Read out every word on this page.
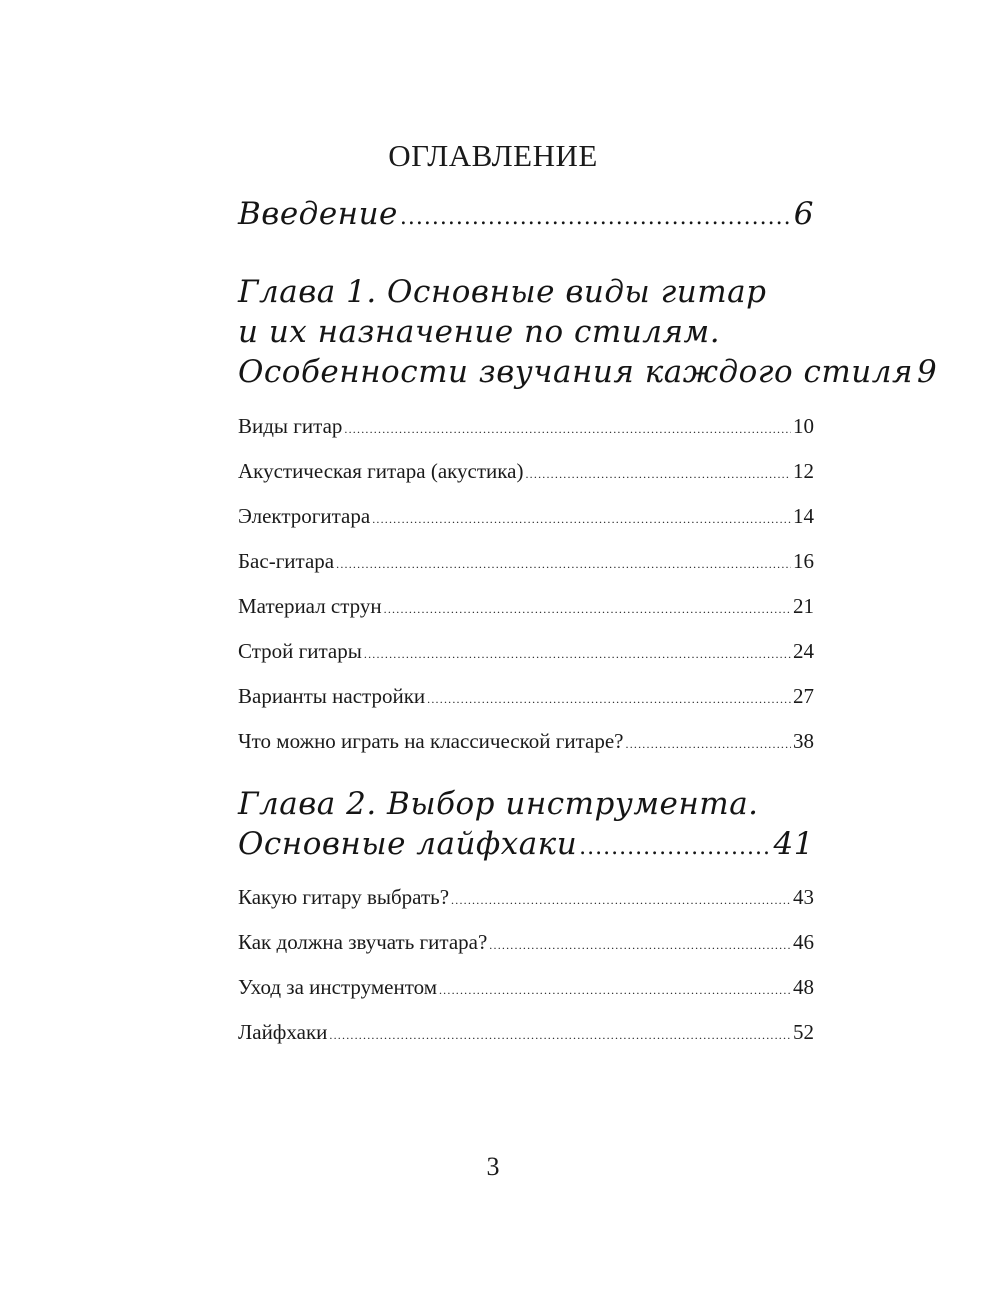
ОГЛАВЛЕНИЕ
Введение .....	6
Глава 1. Основные виды гитар
и их назначение по стилям.
Особенности звучания каждого стиля 9
Виды гитар .....	10
Акустическая гитара (акустика) .....	12
Электрогитара .....	14
Бас-гитара .....	16
Материал струн .....	21
Строй гитары .....	24
Варианты настройки .....	27
Что можно играть на классической гитаре? .....	38
Глава 2. Выбор инструмента.
Основные лайфхаки .....	41
Какую гитару выбрать? .....	43
Как должна звучать гитара? .....	46
Уход за инструментом .....	48
Лайфхаки .....	52
3
